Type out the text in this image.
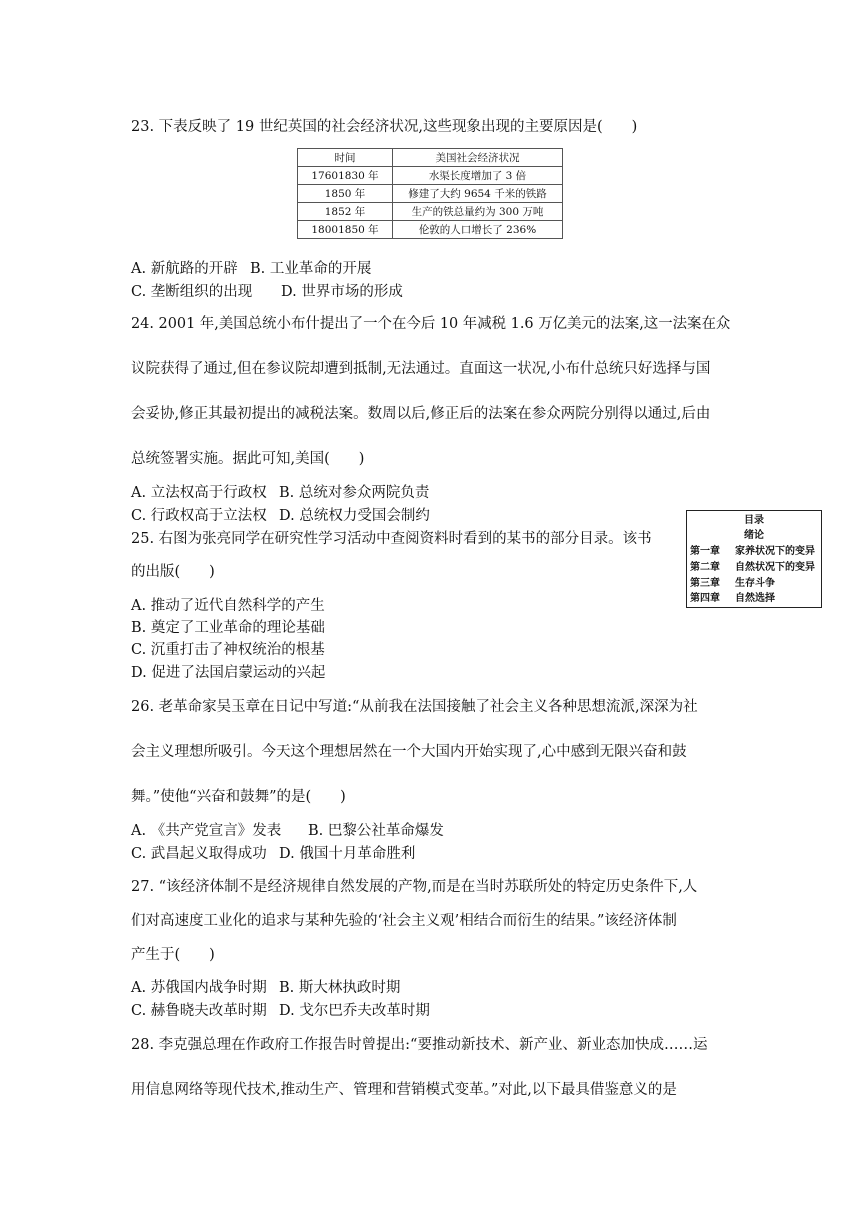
23. 下表反映了 19 世纪英国的社会经济状况,这些现象出现的主要原因是(　　)
时间	美国社会经济状况
17601830 年	水渠长度增加了 3 倍
1850 年	修建了大约 9654 千米的铁路
1852 年	生产的铁总量约为 300 万吨
18001850 年	伦敦的人口增长了 236%
A. 新航路的开辟 B. 工业革命的开展
C. 垄断组织的出现 D. 世界市场的形成
24. 2001 年,美国总统小布什提出了一个在今后 10 年减税 1.6 万亿美元的法案,这一法案在众
议院获得了通过,但在参议院却遭到抵制,无法通过。直面这一状况,小布什总统只好选择与国
会妥协,修正其最初提出的减税法案。数周以后,修正后的法案在参众两院分别得以通过,后由
总统签署实施。据此可知,美国(　　)
A. 立法权高于行政权 B. 总统对参众两院负责
C. 行政权高于立法权 D. 总统权力受国会制约
25. 右图为张亮同学在研究性学习活动中查阅资料时看到的某书的部分目录。该书
的出版(　　)
A. 推动了近代自然科学的产生
B. 奠定了工业革命的理论基础
C. 沉重打击了神权统治的根基
D. 促进了法国启蒙运动的兴起
目录
绪论
第一章 家养状况下的变异
第二章 自然状况下的变异
第三章 生存斗争
第四章 自然选择
26. 老革命家吴玉章在日记中写道:“从前我在法国接触了社会主义各种思想流派,深深为社
会主义理想所吸引。今天这个理想居然在一个大国内开始实现了,心中感到无限兴奋和鼓
舞。”使他“兴奋和鼓舞”的是(　　)
A. 《共产党宣言》发表 B. 巴黎公社革命爆发
C. 武昌起义取得成功 D. 俄国十月革命胜利
27. “该经济体制不是经济规律自然发展的产物,而是在当时苏联所处的特定历史条件下,人
们对高速度工业化的追求与某种先验的‘社会主义观’相结合而衍生的结果。”该经济体制
产生于(　　)
A. 苏俄国内战争时期 B. 斯大林执政时期
C. 赫鲁晓夫改革时期 D. 戈尔巴乔夫改革时期
28. 李克强总理在作政府工作报告时曾提出:“要推动新技术、新产业、新业态加快成……运
用信息网络等现代技术,推动生产、管理和营销模式变革。”对此,以下最具借鉴意义的是
